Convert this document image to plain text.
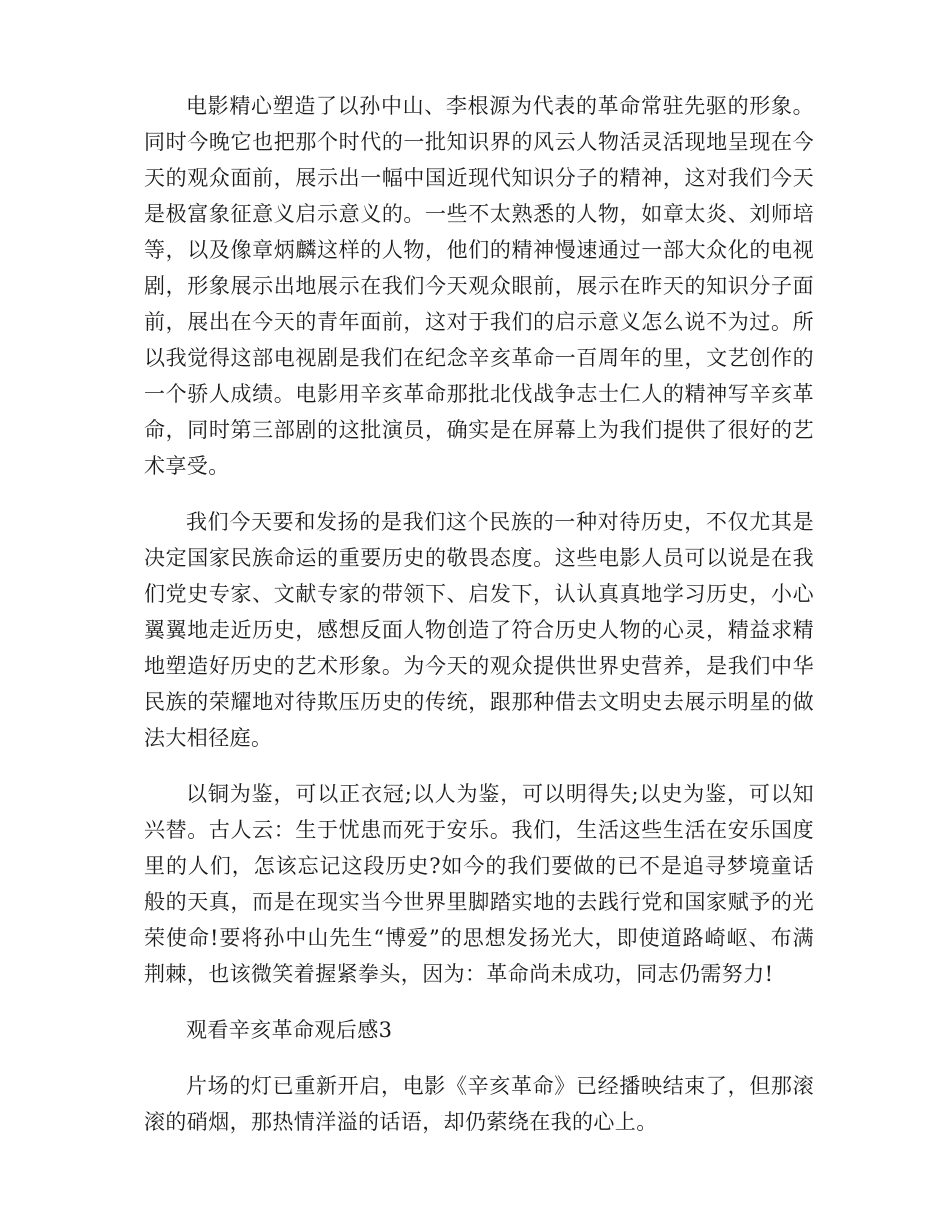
电影精心塑造了以孙中山、李根源为代表的革命常驻先驱的形象。同时今晚它也把那个时代的一批知识界的风云人物活灵活现地呈现在今天的观众面前，展示出一幅中国近现代知识分子的精神，这对我们今天是极富象征意义启示意义的。一些不太熟悉的人物，如章太炎、刘师培等，以及像章炳麟这样的人物，他们的精神慢速通过一部大众化的电视剧，形象展示出地展示在我们今天观众眼前，展示在昨天的知识分子面前，展出在今天的青年面前，这对于我们的启示意义怎么说不为过。所以我觉得这部电视剧是我们在纪念辛亥革命一百周年的里，文艺创作的一个骄人成绩。电影用辛亥革命那批北伐战争志士仁人的精神写辛亥革命，同时第三部剧的这批演员，确实是在屏幕上为我们提供了很好的艺术享受。

我们今天要和发扬的是我们这个民族的一种对待历史，不仅尤其是决定国家民族命运的重要历史的敬畏态度。这些电影人员可以说是在我们党史专家、文献专家的带领下、启发下，认认真真地学习历史，小心翼翼地走近历史，感想反面人物创造了符合历史人物的心灵，精益求精地塑造好历史的艺术形象。为今天的观众提供世界史营养，是我们中华民族的荣耀地对待欺压历史的传统，跟那种借去文明史去展示明星的做法大相径庭。

以铜为鉴，可以正衣冠;以人为鉴，可以明得失;以史为鉴，可以知兴替。古人云：生于忧患而死于安乐。我们，生活这些生活在安乐国度里的人们，怎该忘记这段历史?如今的我们要做的已不是追寻梦境童话般的天真，而是在现实当今世界里脚踏实地的去践行党和国家赋予的光荣使命!要将孙中山先生“博爱”的思想发扬光大，即使道路崎岖、布满荆棘，也该微笑着握紧拳头，因为：革命尚未成功，同志仍需努力!

观看辛亥革命观后感3

片场的灯已重新开启，电影《辛亥革命》已经播映结束了，但那滚滚的硝烟，那热情洋溢的话语，却仍萦绕在我的心上。
